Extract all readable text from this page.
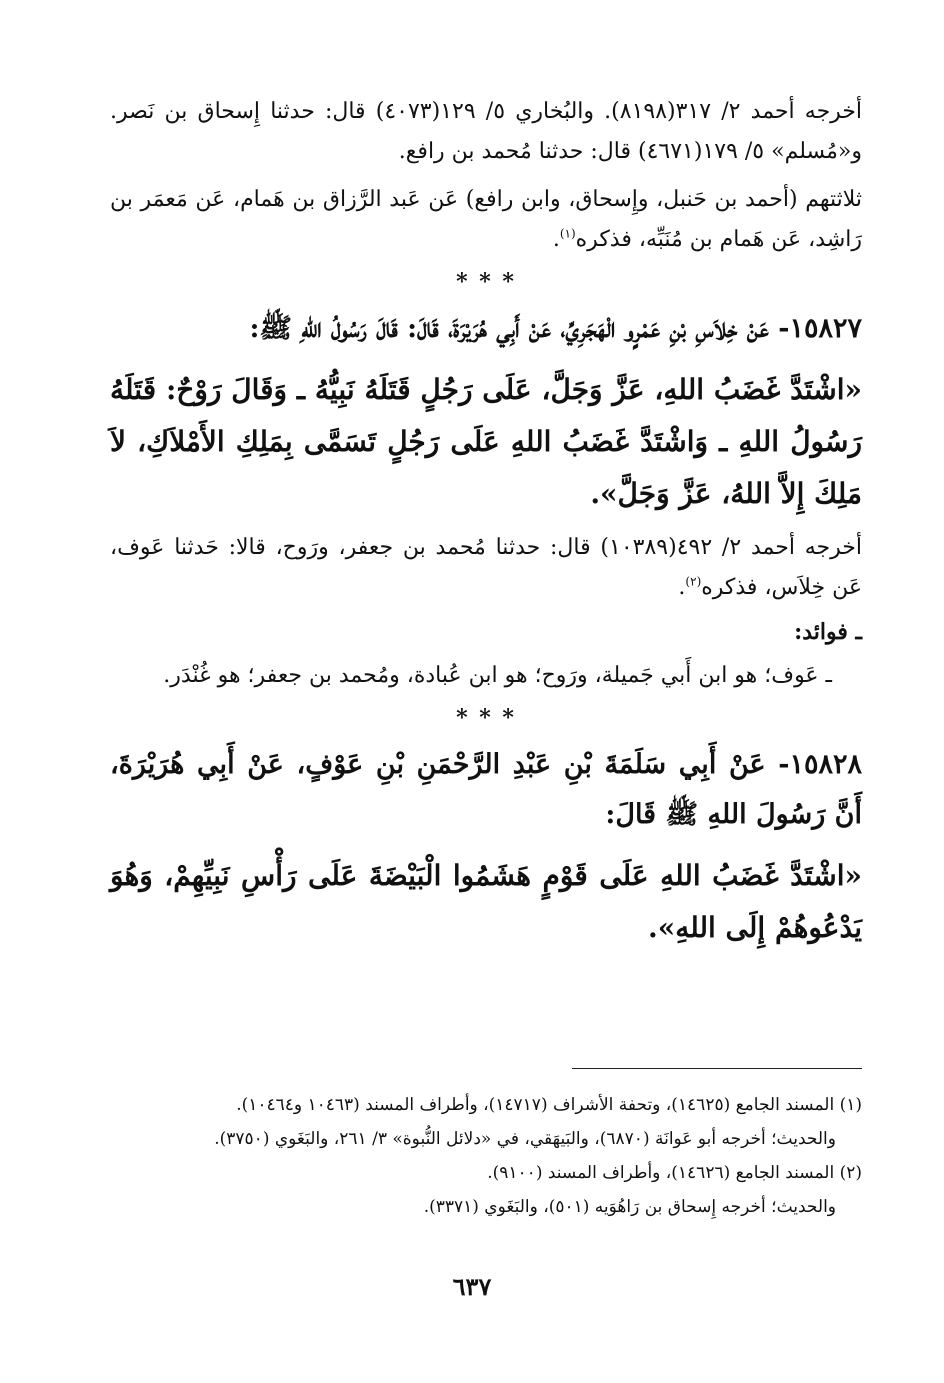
أخرجه أحمد ٢/ ٣١٧(٨١٩٨). والبُخاري ٥/ ١٢٩(٤٠٧٣) قال: حدثنا إِسحاق بن نَصر. و«مُسلم» ٥/ ١٧٩(٤٦٧١) قال: حدثنا مُحمد بن رافع.

ثلاثتهم (أحمد بن حَنبل، وإِسحاق، وابن رافع) عَن عَبد الرَّزاق بن هَمام، عَن مَعمَر بن رَاشِد، عَن هَمام بن مُنَبِّه، فذكره$^{(١)}$.

* * *

١٥٨٢٧- عَنْ خِلاَسِ بْنِ عَمْرٍو الْهَجَرِيِّ، عَنْ أَبِي هُرَيْرَةَ، قَالَ: قَالَ رَسُولُ اللهِ ﷺ:

«اشْتَدَّ غَضَبُ اللهِ، عَزَّ وَجَلَّ، عَلَى رَجُلٍ قَتَلَهُ نَبِيُّهُ ـ وَقَالَ رَوْحٌ: قَتَلَهُ رَسُولُ اللهِ ـ وَاشْتَدَّ غَضَبُ اللهِ عَلَى رَجُلٍ تَسَمَّى بِمَلِكِ الأَمْلاَكِ، لاَ مَلِكَ إِلاَّ اللهُ، عَزَّ وَجَلَّ».

أخرجه أحمد ٢/ ٤٩٢(١٠٣٨٩) قال: حدثنا مُحمد بن جعفر، ورَوح، قالا: حَدثنا عَوف، عَن خِلاَس، فذكره$^{(٢)}$.

ـ فوائد:

ـ عَوف؛ هو ابن أَبي جَميلة، ورَوح؛ هو ابن عُبادة، ومُحمد بن جعفر؛ هو غُنْدَر.

* * *

١٥٨٢٨- عَنْ أَبِي سَلَمَةَ بْنِ عَبْدِ الرَّحْمَنِ بْنِ عَوْفٍ، عَنْ أَبِي هُرَيْرَةَ، أَنَّ رَسُولَ اللهِ ﷺ قَالَ:

«اشْتَدَّ غَضَبُ اللهِ عَلَى قَوْمٍ هَشَمُوا الْبَيْضَةَ عَلَى رَأْسِ نَبِيِّهِمْ، وَهُوَ يَدْعُوهُمْ إِلَى اللهِ».

(١) المسند الجامع (١٤٦٢٥)، وتحفة الأشراف (١٤٧١٧)، وأطراف المسند (١٠٤٦٣ و١٠٤٦٤).

والحديث؛ أخرجه أبو عَوانَة (٦٨٧٠)، والبَيهَقي، في «دلائل النُّبوة» ٣/ ٢٦١، والبَغَوي (٣٧٥٠).

(٢) المسند الجامع (١٤٦٢٦)، وأطراف المسند (٩١٠٠).

والحديث؛ أخرجه إِسحاق بن رَاهُوَيه (٥٠١)، والبَغَوي (٣٣٧١).

٦٣٧
